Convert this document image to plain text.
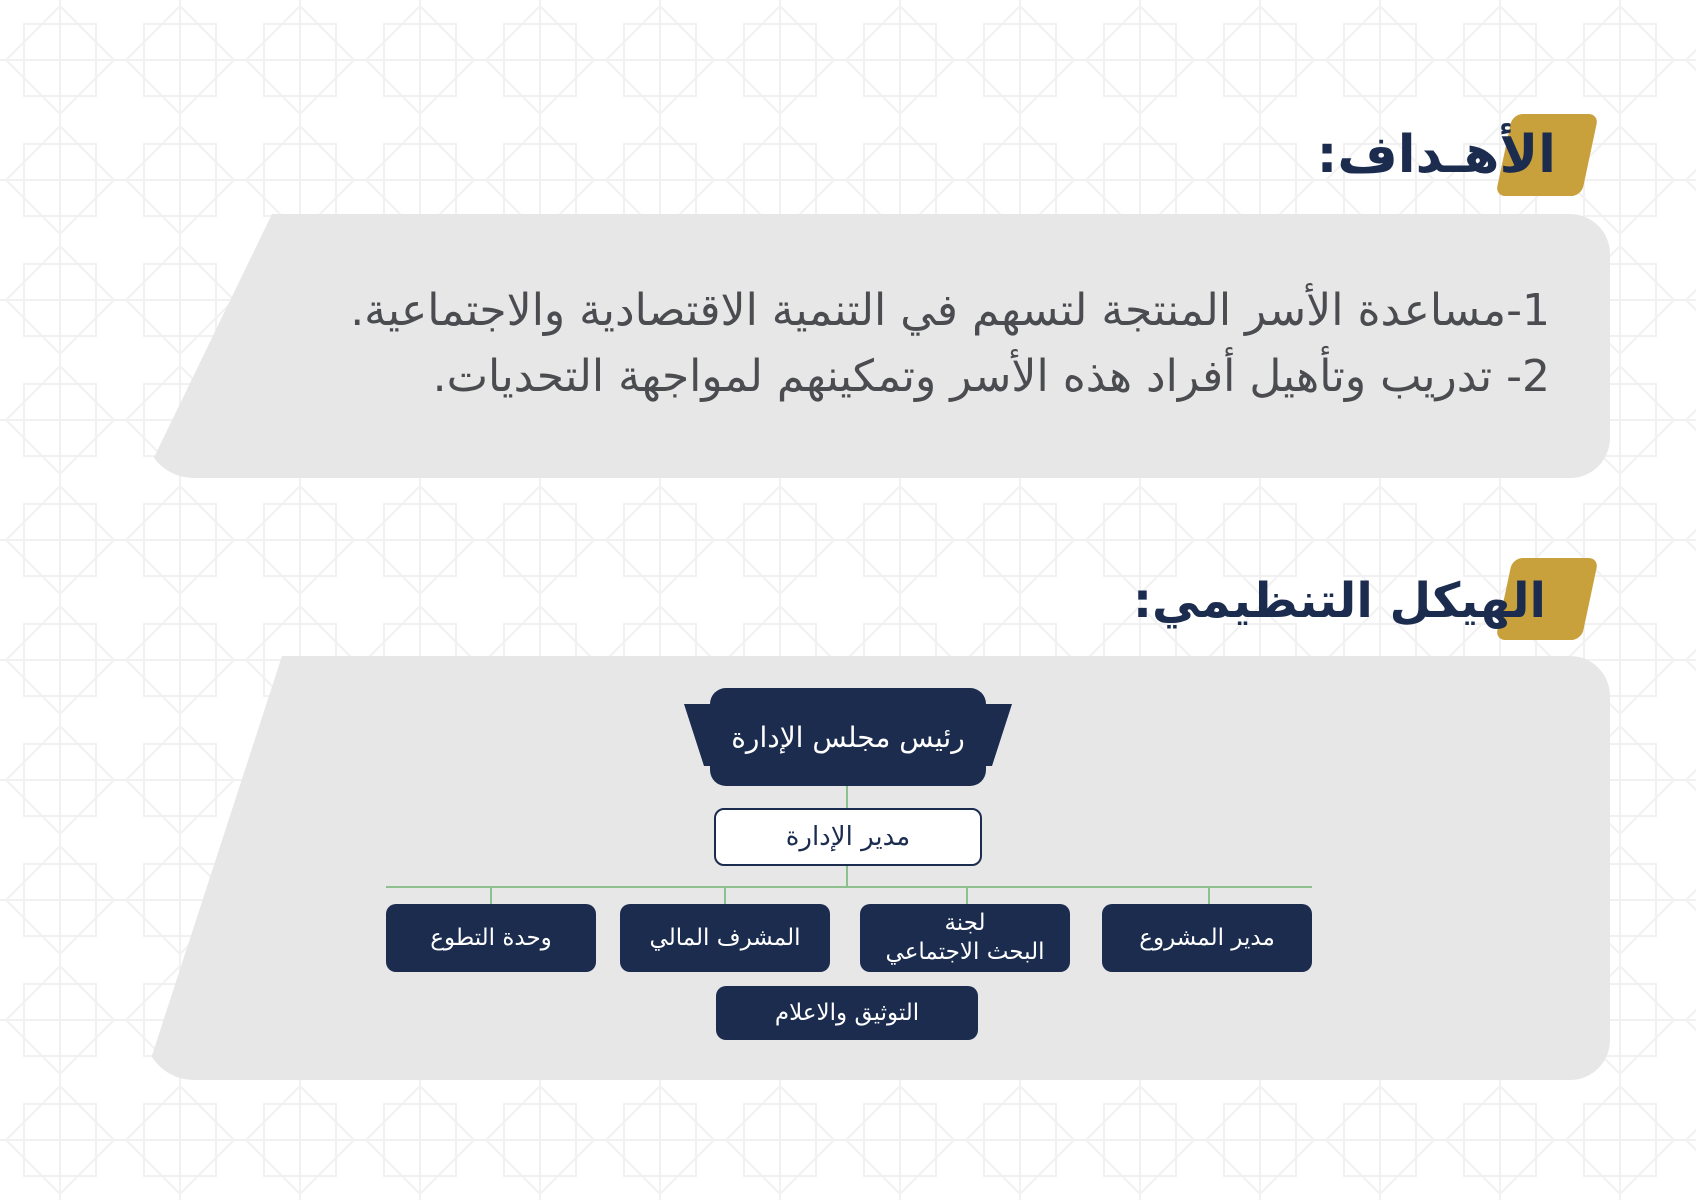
الأهـداف:
1-مساعدة الأسر المنتجة لتسهم في التنمية الاقتصادية والاجتماعية.
2- تدريب وتأهيل أفراد هذه الأسر وتمكينهم لمواجهة التحديات.
الهيكل التنظيمي:
رئيس مجلس الإدارة
مدير الإدارة
مدير المشروع
لجنة
البحث الاجتماعي
المشرف المالي
وحدة التطوع
التوثيق والاعلام
